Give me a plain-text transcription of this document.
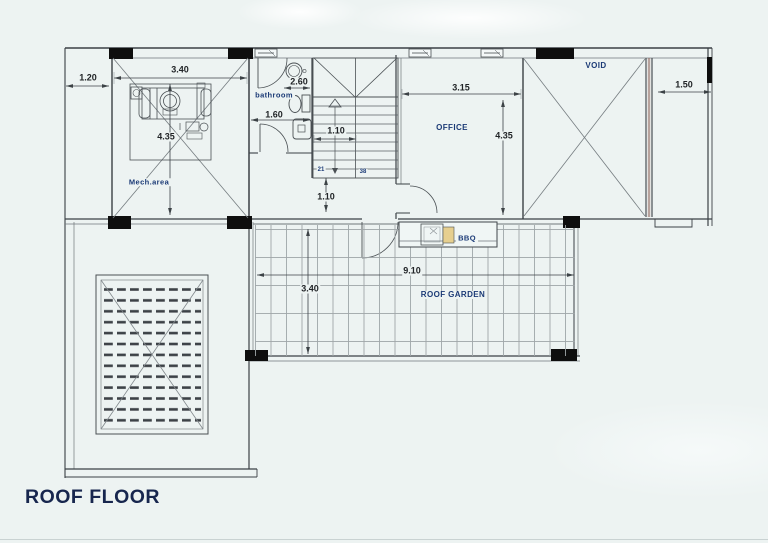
1.20
3.40
4.35
2.60
1.60
1.10
1.10
3.15
4.35
1.50
9.10
3.40
Mech.area
bathroom
OFFICE
VOID
ROOF GARDEN
BBQ
21	38
ROOF FLOOR
